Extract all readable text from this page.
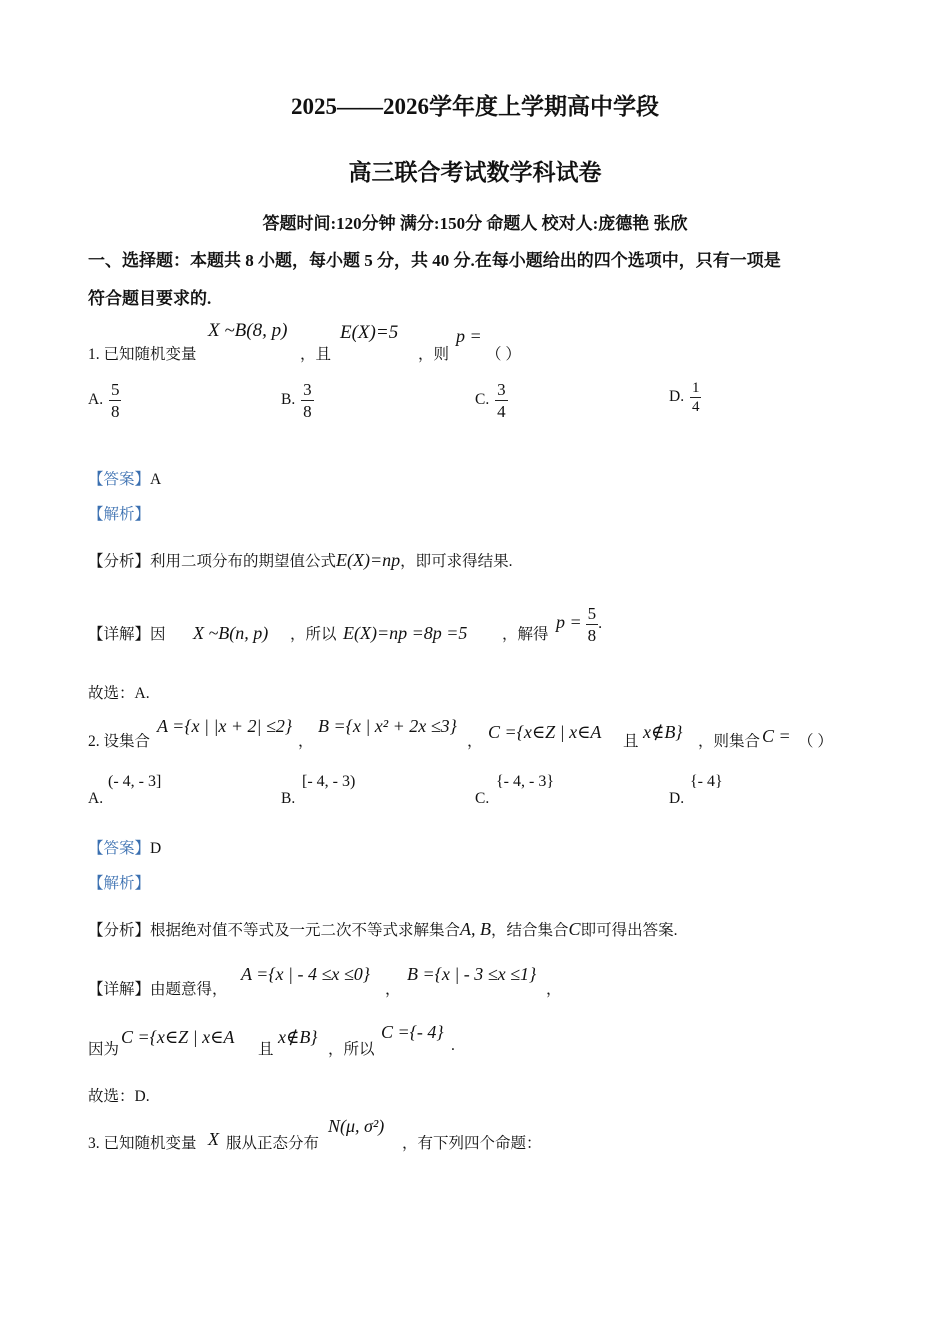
2025——2026学年度上学期高中学段
高三联合考试数学科试卷
答题时间:120分钟 满分:150分 命题人 校对人:庞德艳 张欣
一、选择题：本题共 8 小题，每小题 5 分，共 40 分.在每小题给出的四个选项中，只有一项是
符合题目要求的.
1. 已知随机变量
X ~B(8, p)
，且
E(X)=5
，则
p =
（ ）
A. $\frac{5}{8}$	B. $\frac{3}{8}$	C. $\frac{3}{4}$	D. $\frac{1}{4}$
【答案】A
【解析】
【分析】利用二项分布的期望值公式E(X)=np，即可求得结果.
【详解】因 X ~B(n, p) ，所以 E(X)=np =8p =5 ，解得
$p = \frac{5}{8}$ .
故选：A.
2. 设集合
A ={x | |x + 2| ≤2}
，
B ={x | x² + 2x ≤3}
， C ={x∈Z | x∈A 且 x∉B} ，则集合 C = （ ）
A.
(- 4, - 3]
B.
[- 4, - 3)
C.
{- 4, - 3}
D.
{- 4}
【答案】D
【解析】
【分析】根据绝对值不等式及一元二次不等式求解集合A, B，结合集合C即可得出答案.
【详解】由题意得，
A ={x | - 4 ≤x ≤0}
，
B ={x | - 3 ≤x ≤1}
，
因为
C ={x∈Z | x∈A
且
x∉B}
，所以
C ={- 4}
.
故选：D.
3. 已知随机变量 X 服从正态分布
N(μ, σ²)
，有下列四个命题：
